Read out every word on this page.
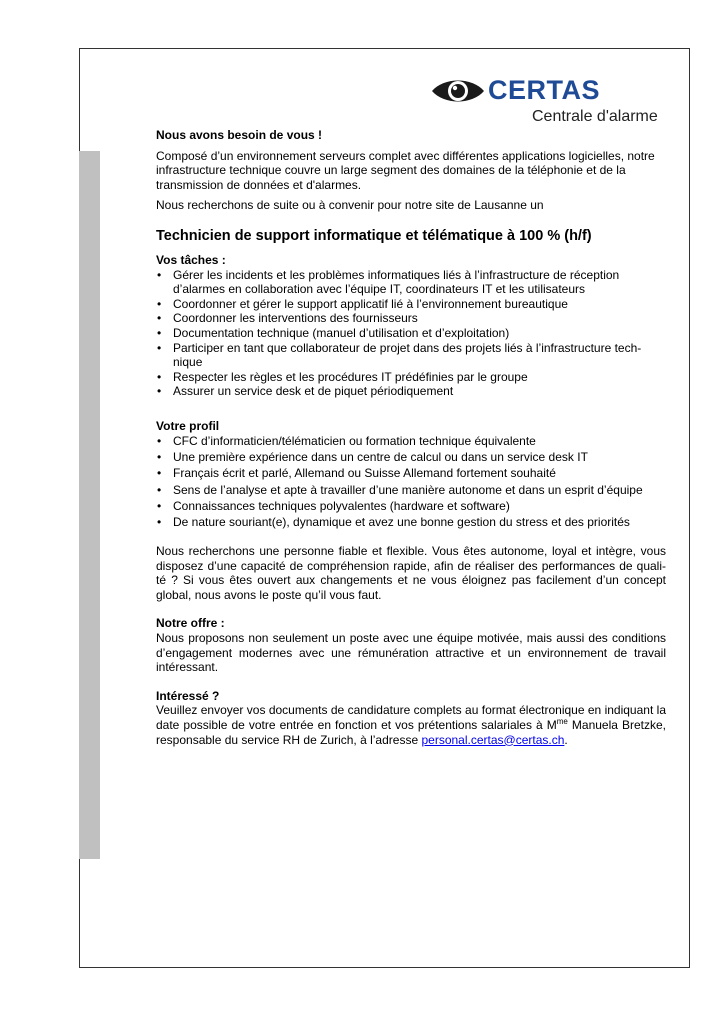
CERTAS
Centrale d'alarme

Nous avons besoin de vous !

Composé d’un environnement serveurs complet avec différentes applications logicielles, notre infrastructure technique couvre un large segment des domaines de la téléphonie et de la transmission de données et d'alarmes.

Nous recherchons de suite ou à convenir pour notre site de Lausanne un

Technicien de support informatique et télématique à 100 % (h/f)

Vos tâches :

• Gérer les incidents et les problèmes informatiques liés à l’infrastructure de réception d’alarmes en collaboration avec l’équipe IT, coordinateurs IT et les utilisateurs
• Coordonner et gérer le support applicatif lié à l’environnement bureautique
• Coordonner les interventions des fournisseurs
• Documentation technique (manuel d’utilisation et d’exploitation)
• Participer en tant que collaborateur de projet dans des projets liés à l’infrastructure tech- nique
• Respecter les règles et les procédures IT prédéfinies par le groupe
• Assurer un service desk et de piquet périodiquement

Votre profil

• CFC d’informaticien/télématicien ou formation technique équivalente
• Une première expérience dans un centre de calcul ou dans un service desk IT
• Français écrit et parlé, Allemand ou Suisse Allemand fortement souhaité
• Sens de l’analyse et apte à travailler d’une manière autonome et dans un esprit d’équipe
• Connaissances techniques polyvalentes (hardware et software)
• De nature souriant(e), dynamique et avez une bonne gestion du stress et des priorités

Nous recherchons une personne fiable et flexible. Vous êtes autonome, loyal et intègre, vous disposez d’une capacité de compréhension rapide, afin de réaliser des performances de quali- té ? Si vous êtes ouvert aux changements et ne vous éloignez pas facilement d’un concept global, nous avons le poste qu’il vous faut.

Notre offre :

Nous proposons non seulement un poste avec une équipe motivée, mais aussi des conditions d’engagement modernes avec une rémunération attractive et un environnement de travail intéressant.

Intéressé ?

Veuillez envoyer vos documents de candidature complets au format électronique en indiquant la date possible de votre entrée en fonction et vos prétentions salariales à $M^{me}$ Manuela Bretzke, responsable du service RH de Zurich, à l’adresse personal.certas@certas.ch.
